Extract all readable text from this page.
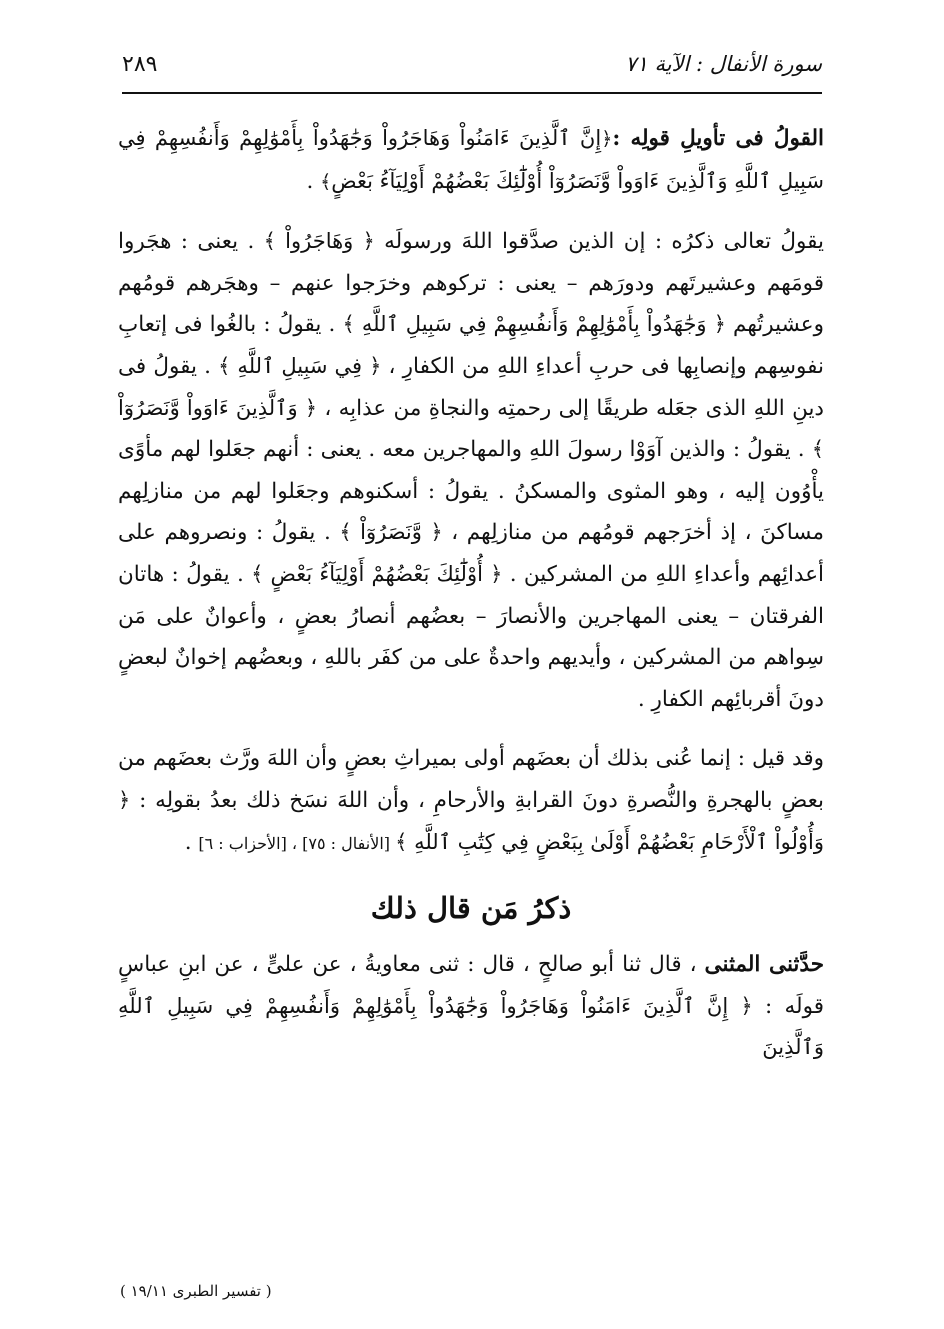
٢٨٩	سورة الأنفال : الآية ٧١

القولُ فى تأويلِ قولِه :﴿إِنَّ ٱلَّذِينَ ءَامَنُواْ وَهَاجَرُواْ وَجَٰهَدُواْ بِأَمْوَٰلِهِمْ وَأَنفُسِهِمْ فِي سَبِيلِ ٱللَّهِ وَٱلَّذِينَ ءَاوَواْ وَّنَصَرُوٓاْ أُوْلَٰٓئِكَ بَعْضُهُمْ أَوْلِيَآءُ بَعْضٍ﴾ .

يقولُ تعالى ذكرُه : إن الذين صدَّقوا اللهَ ورسولَه ﴿ وَهَاجَرُواْ ﴾ . يعنى : هجَروا قومَهم وعشيرتَهم ودورَهم – يعنى : تركوهم وخرَجوا عنهم – وهجَرهم قومُهم وعشيرتُهم ﴿ وَجَٰهَدُواْ بِأَمْوَٰلِهِمْ وَأَنفُسِهِمْ فِي سَبِيلِ ٱللَّهِ ﴾ . يقولُ : بالغُوا فى إتعابِ نفوسِهم وإنصابِها فى حربِ أعداءِ اللهِ من الكفارِ ، ﴿ فِي سَبِيلِ ٱللَّهِ ﴾ . يقولُ فى دينِ اللهِ الذى جعَله طريقًا إلى رحمتِه والنجاةِ من عذابِه ، ﴿ وَٱلَّذِينَ ءَاوَواْ وَّنَصَرُوٓاْ ﴾ . يقولُ : والذين آوَوْا رسولَ اللهِ والمهاجرين معه . يعنى : أنهم جعَلوا لهم مأوًى يأْوُون إليه ، وهو المثوى والمسكنُ . يقولُ : أسكنوهم وجعَلوا لهم من منازلِهم مساكنَ ، إذ أخرَجهم قومُهم من منازلِهم ، ﴿ وَّنَصَرُوٓاْ ﴾ . يقولُ : ونصروهم على أعدائِهم وأعداءِ اللهِ من المشركين . ﴿ أُوْلَٰٓئِكَ بَعْضُهُمْ أَوْلِيَآءُ بَعْضٍ ﴾ . يقولُ : هاتان الفرقتان – يعنى المهاجرين والأنصارَ – بعضُهم أنصارُ بعضٍ ، وأعوانٌ على مَن سِواهم من المشركين ، وأيديهم واحدةٌ على من كفَر باللهِ ، وبعضُهم إخوانٌ لبعضٍ دونَ أقربائِهم الكفارِ .

وقد قيل : إنما عُنى بذلك أن بعضَهم أولى بميراثِ بعضٍ وأن اللهَ ورَّث بعضَهم من بعضٍ بالهجرةِ والنُّصرةِ دونَ القرابةِ والأرحامِ ، وأن اللهَ نسَخ ذلك بعدُ بقولِه : ﴿ وَأُوْلُواْ ٱلْأَرْحَامِ بَعْضُهُمْ أَوْلَىٰ بِبَعْضٍ فِي كِتَٰبِ ٱللَّهِ ﴾ [الأنفال : ٧٥] ، [الأحزاب : ٦] .

ذكرُ مَن قال ذلك

حدَّثنى المثنى ، قال ثنا أبو صالحٍ ، قال : ثنى معاويةُ ، عن علىٍّ ، عن ابنِ عباسٍ قولَه : ﴿ إِنَّ ٱلَّذِينَ ءَامَنُواْ وَهَاجَرُواْ وَجَٰهَدُواْ بِأَمْوَٰلِهِمْ وَأَنفُسِهِمْ فِي سَبِيلِ ٱللَّهِ وَٱلَّذِينَ

( تفسير الطبرى ١٩/١١ )
